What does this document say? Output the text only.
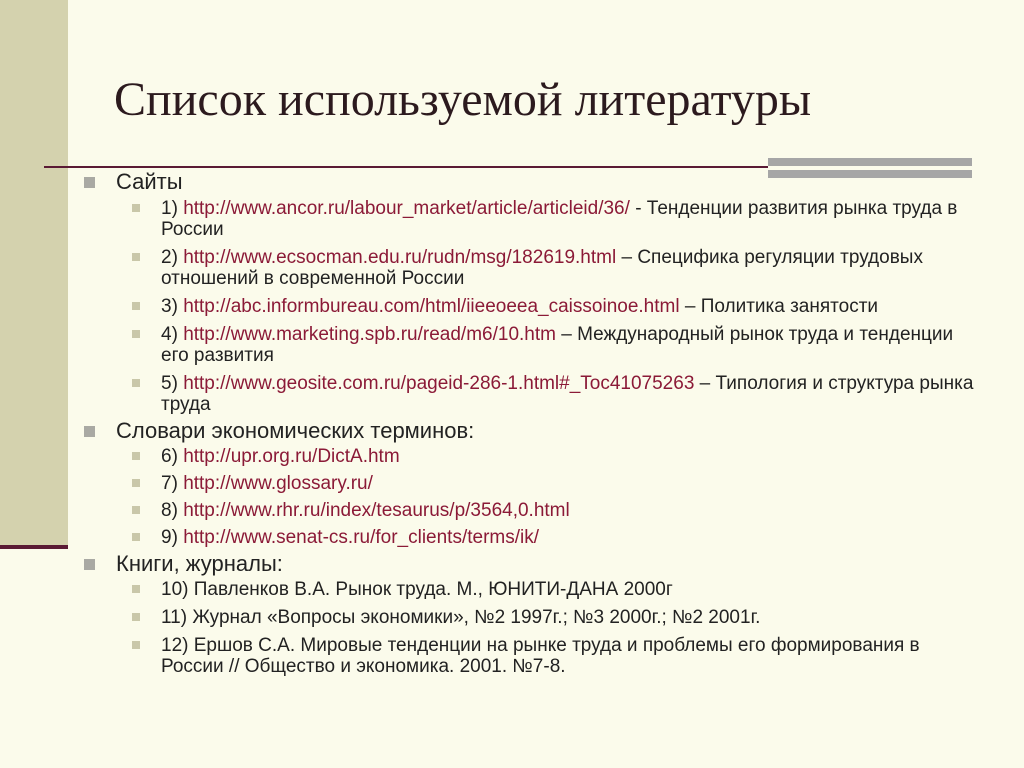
Список используемой литературы
Сайты
1) http://www.ancor.ru/labour_market/article/articleid/36/ - Тенденции развития рынка труда в России
2) http://www.ecsocman.edu.ru/rudn/msg/182619.html – Специфика регуляции трудовых отношений в современной России
3) http://abc.informbureau.com/html/iieeoeea_caissoinoe.html – Политика занятости
4) http://www.marketing.spb.ru/read/m6/10.htm – Международный рынок труда и тенденции его развития
5) http://www.geosite.com.ru/pageid-286-1.html#_Toc41075263 – Типология и структура рынка труда
Словари экономических терминов:
6) http://upr.org.ru/DictA.htm
7) http://www.glossary.ru/
8) http://www.rhr.ru/index/tesaurus/p/3564,0.html
9) http://www.senat-cs.ru/for_clients/terms/ik/
Книги, журналы:
10) Павленков В.А. Рынок труда. М., ЮНИТИ-ДАНА 2000г
11) Журнал «Вопросы экономики», №2 1997г.; №3 2000г.; №2 2001г.
12) Ершов С.А. Мировые тенденции на рынке труда и проблемы его формирования в России // Общество и экономика. 2001. №7-8.
